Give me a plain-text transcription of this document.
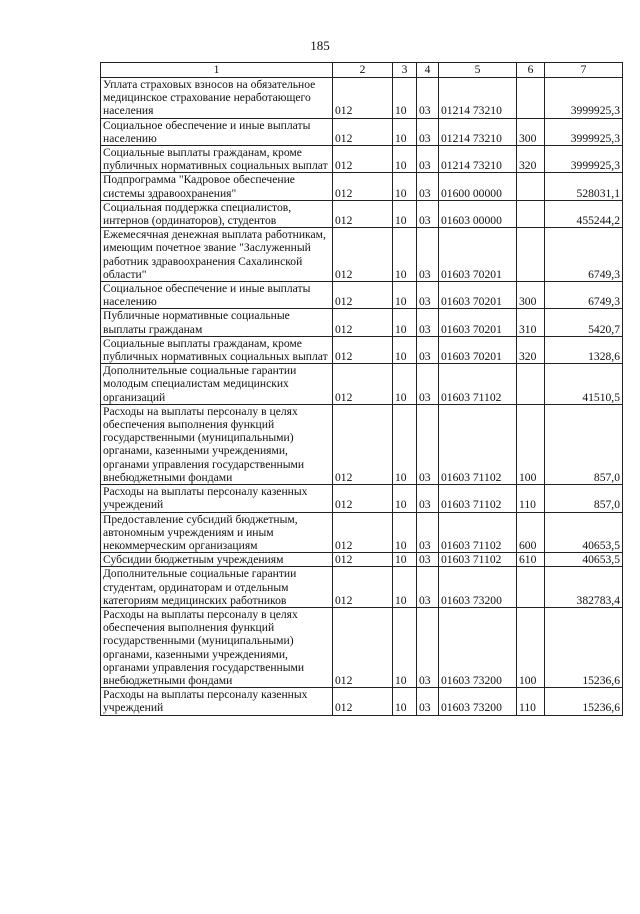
185
1	2	3	4	5	6	7
Уплата страховых взносов на обязательное медицинское страхование неработающего населения	012	10	03	01214 73210		3999925,3
Социальное обеспечение и иные выплаты населению	012	10	03	01214 73210	300	3999925,3
Социальные выплаты гражданам, кроме публичных нормативных социальных выплат	012	10	03	01214 73210	320	3999925,3
Подпрограмма "Кадровое обеспечение системы здравоохранения"	012	10	03	01600 00000		528031,1
Социальная поддержка специалистов, интернов (ординаторов), студентов	012	10	03	01603 00000		455244,2
Ежемесячная денежная выплата работникам, имеющим почетное звание "Заслуженный работник здравоохранения Сахалинской области"	012	10	03	01603 70201		6749,3
Социальное обеспечение и иные выплаты населению	012	10	03	01603 70201	300	6749,3
Публичные нормативные социальные выплаты гражданам	012	10	03	01603 70201	310	5420,7
Социальные выплаты гражданам, кроме публичных нормативных социальных выплат	012	10	03	01603 70201	320	1328,6
Дополнительные социальные гарантии молодым специалистам медицинских организаций	012	10	03	01603 71102		41510,5
Расходы на выплаты персоналу в целях обеспечения выполнения функций государственными (муниципальными) органами, казенными учреждениями, органами управления государственными внебюджетными фондами	012	10	03	01603 71102	100	857,0
Расходы на выплаты персоналу казенных учреждений	012	10	03	01603 71102	110	857,0
Предоставление субсидий бюджетным, автономным учреждениям и иным некоммерческим организациям	012	10	03	01603 71102	600	40653,5
Субсидии бюджетным учреждениям	012	10	03	01603 71102	610	40653,5
Дополнительные социальные гарантии студентам, ординаторам и отдельным категориям медицинских работников	012	10	03	01603 73200		382783,4
Расходы на выплаты персоналу в целях обеспечения выполнения функций государственными (муниципальными) органами, казенными учреждениями, органами управления государственными внебюджетными фондами	012	10	03	01603 73200	100	15236,6
Расходы на выплаты персоналу казенных учреждений	012	10	03	01603 73200	110	15236,6
